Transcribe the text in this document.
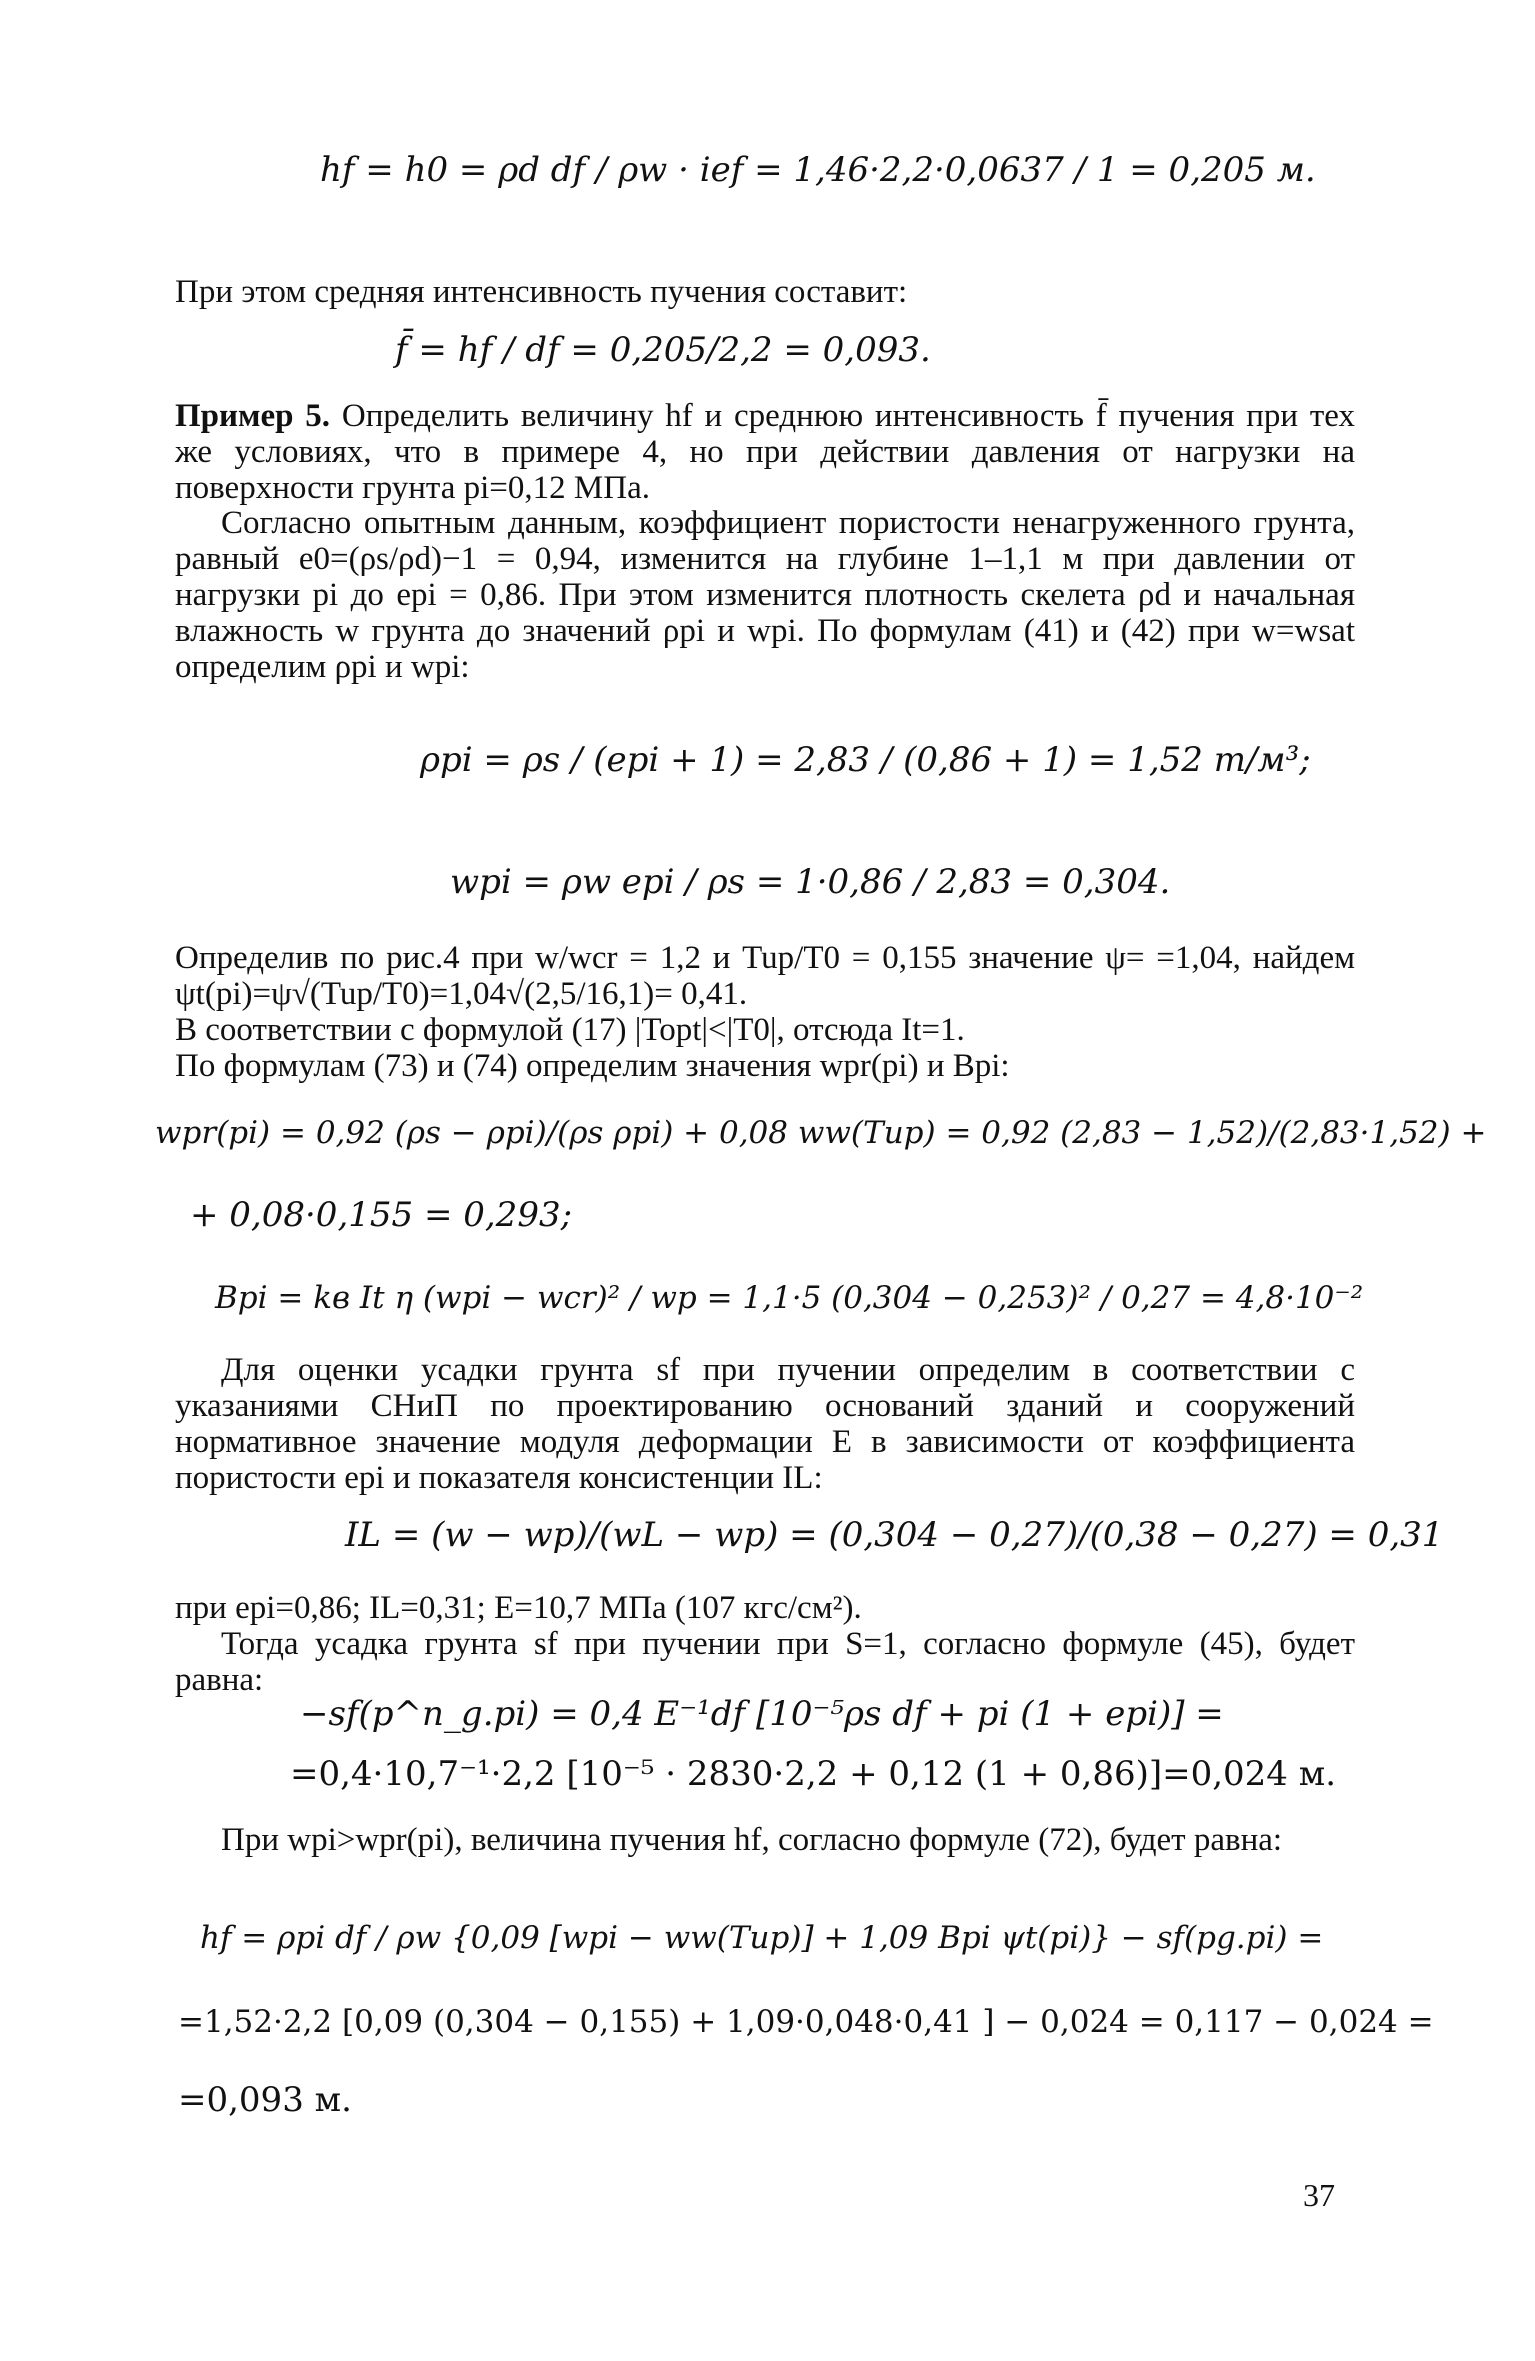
hf = h0 = ρd df / ρw · ief = 1,46·2,2·0,0637 / 1 = 0,205 м.
При этом средняя интенсивность пучения составит:
f̄ = hf / df = 0,205/2,2 = 0,093.
Пример 5. Определить величину hf и среднюю интенсивность f̄ пучения при тех же условиях, что в примере 4, но при действии давления от нагрузки на поверхности грунта pi=0,12 МПа.
Согласно опытным данным, коэффициент пористости ненагруженного грунта, равный e0=(ρs/ρd)−1 = 0,94, изменится на глубине 1–1,1 м при давлении от нагрузки pi до epi = 0,86. При этом изменится плотность скелета ρd и начальная влажность w грунта до значений ρpi и wpi. По формулам (41) и (42) при w=wsat определим ρpi и wpi:
ρpi = ρs / (epi + 1) = 2,83 / (0,86 + 1) = 1,52 т/м³;
wpi = ρw epi / ρs = 1·0,86 / 2,83 = 0,304.
Определив по рис.4 при w/wcr = 1,2 и Tup/T0 = 0,155 значение ψ= =1,04, найдем ψt(pi)=ψ√(Tup/T0)=1,04√(2,5/16,1)= 0,41.
В соответствии с формулой (17) |Topt|<|T0|, отсюда It=1.
По формулам (73) и (74) определим значения wpr(pi) и Bpi:
wpr(pi) = 0,92 (ρs − ρpi)/(ρs ρpi) + 0,08 ww(Tup) = 0,92 (2,83 − 1,52)/(2,83·1,52) +
+ 0,08·0,155 = 0,293;
Bpi = kв It η (wpi − wcr)² / wp = 1,1·5 (0,304 − 0,253)² / 0,27 = 4,8·10⁻²
Для оценки усадки грунта sf при пучении определим в соответствии с указаниями СНиП по проектированию оснований зданий и сооружений нормативное значение модуля деформации E в зависимости от коэффициента пористости epi и показателя консистенции IL:
IL = (w − wp)/(wL − wp) = (0,304 − 0,27)/(0,38 − 0,27) = 0,31
при epi=0,86; IL=0,31; E=10,7 МПа (107 кгс/см²).
Тогда усадка грунта sf при пучении при S=1, согласно формуле (45), будет равна:
−sf(p^n_g.pi) = 0,4 E⁻¹df [10⁻⁵ρs df + pi (1 + epi)] =
=0,4·10,7⁻¹·2,2 [10⁻⁵ · 2830·2,2 + 0,12 (1 + 0,86)]=0,024 м.
При wpi>wpr(pi), величина пучения hf, согласно формуле (72), будет равна:
hf = ρpi df / ρw {0,09 [wpi − ww(Tup)] + 1,09 Bpi ψt(pi)} − sf(pg.pi) =
=1,52·2,2 [0,09 (0,304 − 0,155) + 1,09·0,048·0,41 ] − 0,024 = 0,117 − 0,024 =
=0,093 м.
37
